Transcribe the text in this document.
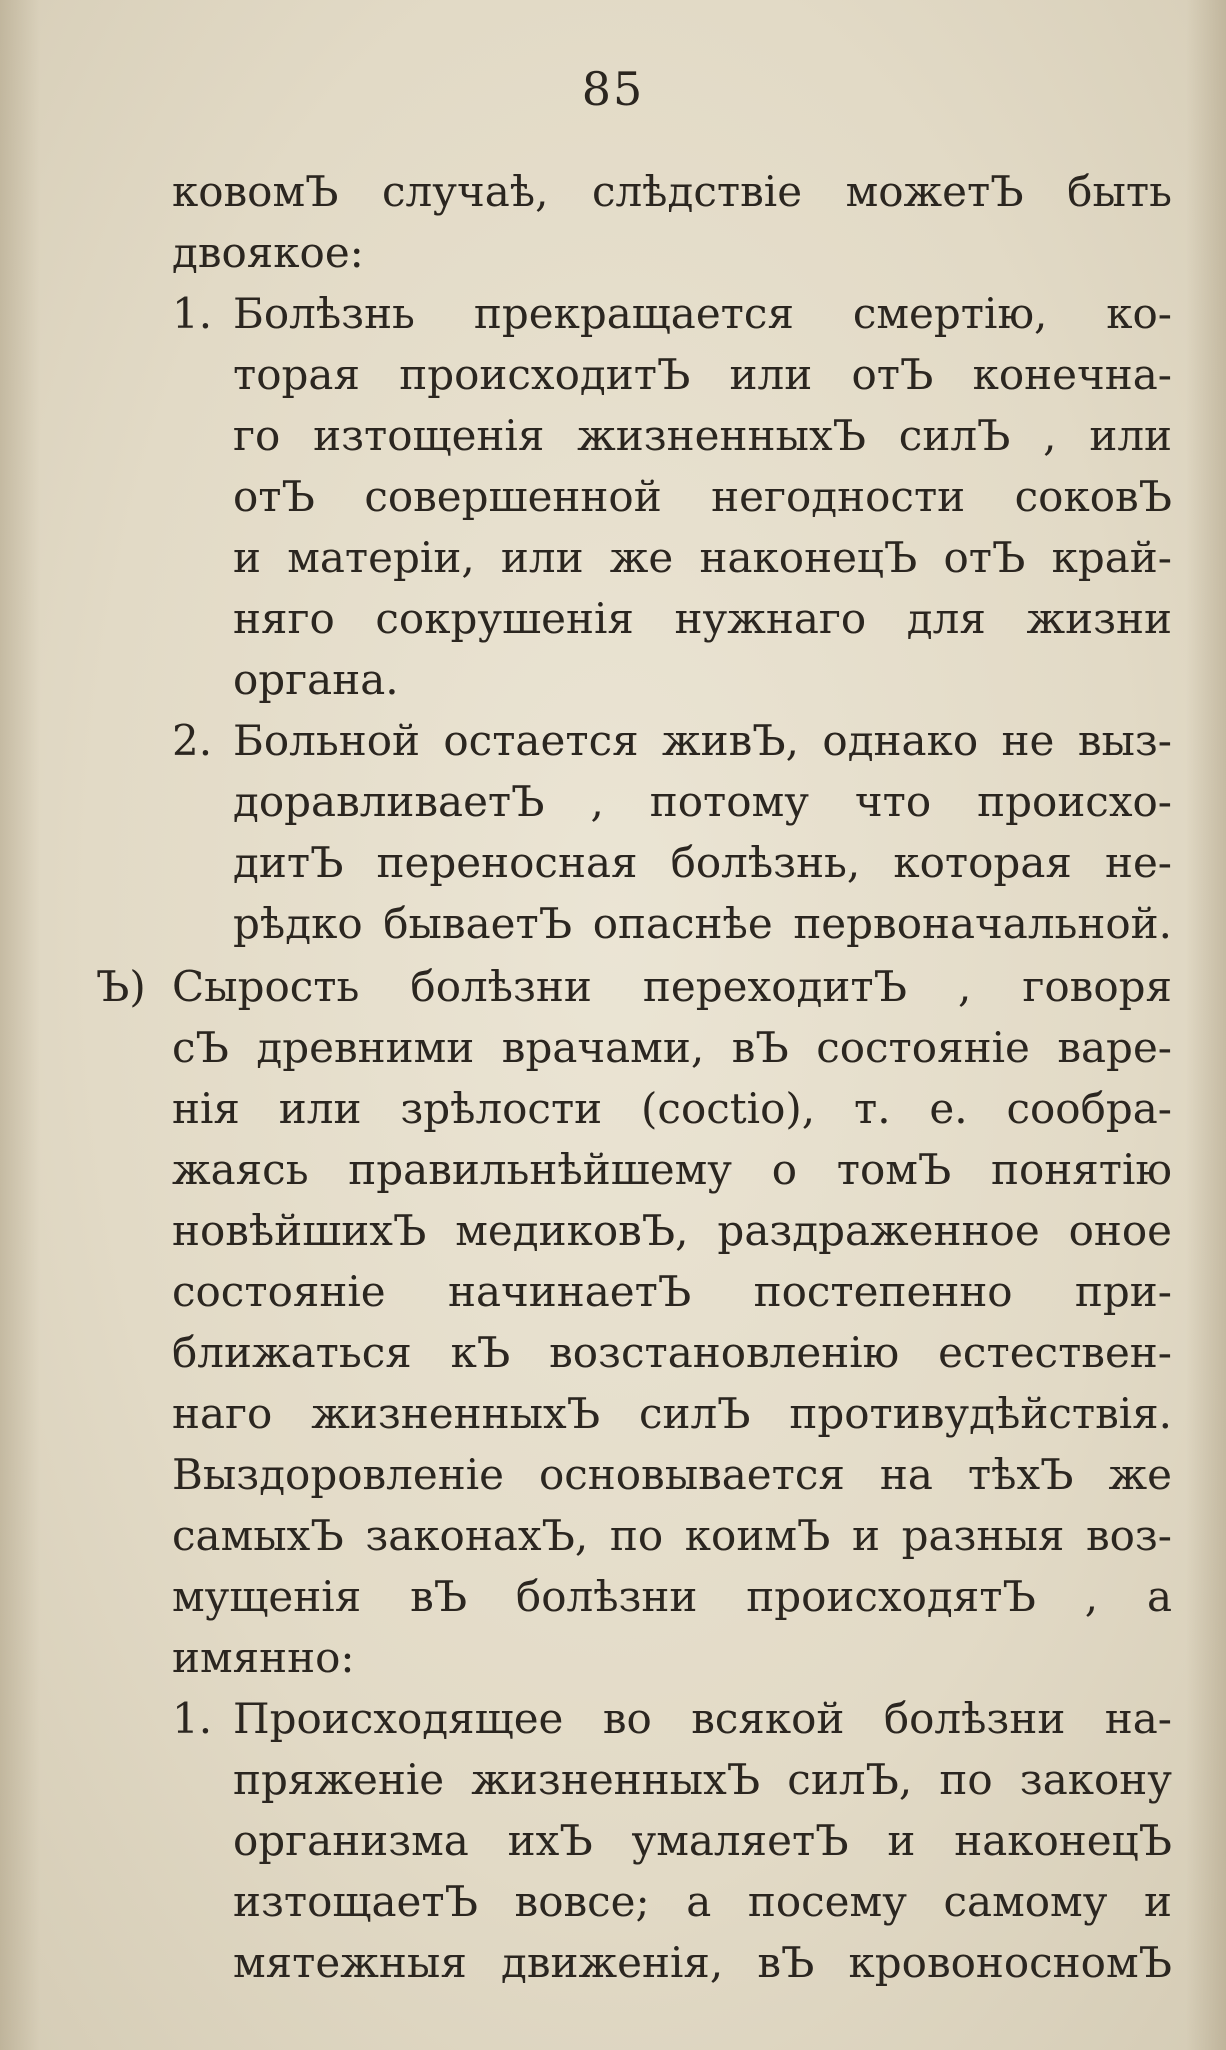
85
ковомЪ случаѣ, слѣдствіе можетЪ быть
двоякое:
1. Болѣзнь прекращается смертію, ко-
торая происходитЪ или отЪ конечна-
го изтощенія жизненныхЪ силЪ , или
отЪ совершенной негодности соковЪ
и матеріи, или же наконецЪ отЪ край-
няго сокрушенія нужнаго для жизни
органа.
2. Больной остается живЪ, однако не выз-
доравливаетЪ , потому что происхо-
дитЪ переносная болѣзнь, которая не-
рѣдко бываетЪ опаснѣе первоначальной.
Ъ) Сырость болѣзни переходитЪ , говоря
сЪ древними врачами, вЪ состояніе варе-
нія или зрѣлости (coctio), т. е. сообра-
жаясь правильнѣйшему о томЪ понятію
новѣйшихЪ медиковЪ, раздраженное оное
состояніе начинаетЪ постепенно при-
ближаться кЪ возстановленію естествен-
наго жизненныхЪ силЪ противудѣйствія.
Выздоровленіе основывается на тѣхЪ же
самыхЪ законахЪ, по коимЪ и разныя воз-
мущенія вЪ болѣзни происходятЪ , а
имянно:
1. Происходящее во всякой болѣзни на-
пряженіе жизненныхЪ силЪ, по закону
организма ихЪ умаляетЪ и наконецЪ
изтощаетЪ вовсе; а посему самому и
мятежныя движенія, вЪ кровоносномЪ
